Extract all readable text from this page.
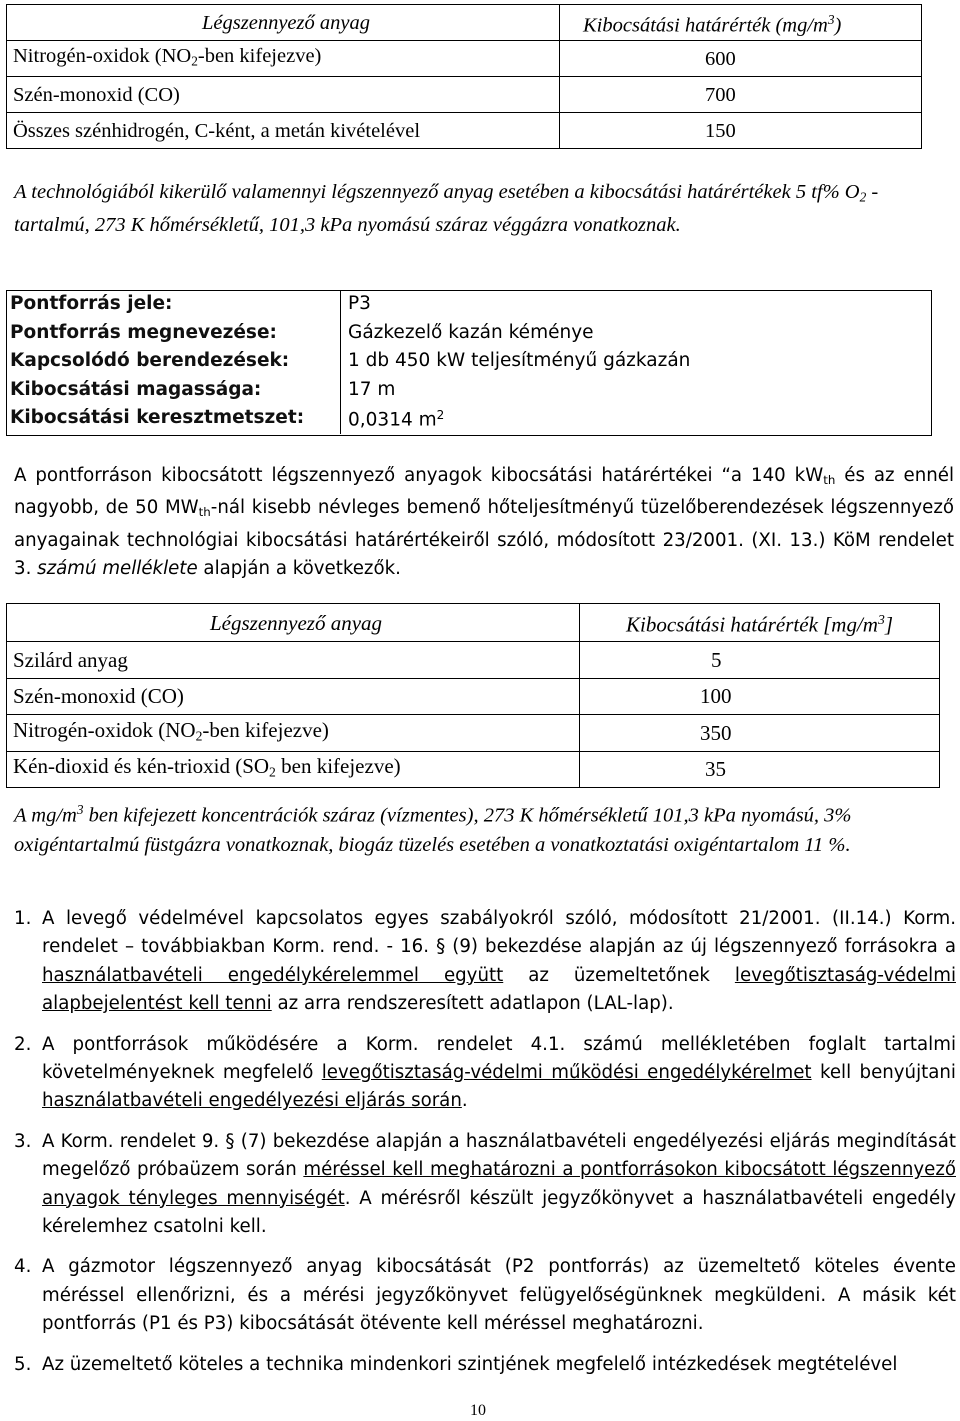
Légszennyező anyag	Kibocsátási határérték $(mg/m^3)$
Nitrogén-oxidok ($NO_2$-ben kifejezve)	600
Szén-monoxid (CO)	700
Összes szénhidrogén, C-ként, a metán kivételével	150
A technológiából kikerülő valamennyi légszennyező anyag esetében a kibocsátási határértékek 5 tf% $O_2$ -tartalmú, 273 K hőmérsékletű, 101,3 kPa nyomású száraz véggázra vonatkoznak.
Pontforrás jele:	P3
Pontforrás megnevezése:	Gázkezelő kazán kéménye
Kapcsolódó berendezések:	1 db 450 kW teljesítményű gázkazán
Kibocsátási magassága:	17 m
Kibocsátási keresztmetszet:	0,0314 $m^2$
A pontforráson kibocsátott légszennyező anyagok kibocsátási határértékei “a 140 $kW_{th}$ és az ennél nagyobb, de 50 $MW_{th}$-nál kisebb névleges bemenő hőteljesítményű tüzelőberendezések légszennyező anyagainak technológiai kibocsátási határértékeiről szóló, módosított 23/2001. (XI. 13.) KöM rendelet 3. számú melléklete alapján a következők.
Légszennyező anyag	Kibocsátási határérték $[mg/m^3]$
Szilárd anyag	5
Szén-monoxid (CO)	100
Nitrogén-oxidok ($NO_2$-ben kifejezve)	350
Kén-dioxid és kén-trioxid ($SO_2$ ben kifejezve)	35
A $mg/m^3$ ben kifejezett koncentrációk száraz (vízmentes), 273 K hőmérsékletű 101,3 kPa nyomású, 3% oxigéntartalmú füstgázra vonatkoznak, biogáz tüzelés esetében a vonatkoztatási oxigéntartalom 11 %.
1. A levegő védelmével kapcsolatos egyes szabályokról szóló, módosított 21/2001. (II.14.) Korm. rendelet – továbbiakban Korm. rend. - 16. § (9) bekezdése alapján az új légszennyező forrásokra a használatbavételi engedélykérelemmel együtt az üzemeltetőnek levegőtisztaság-védelmi alapbejelentést kell tenni az arra rendszeresített adatlapon (LAL-lap).
2. A pontforrások működésére a Korm. rendelet 4.1. számú mellékletében foglalt tartalmi követelményeknek megfelelő levegőtisztaság-védelmi működési engedélykérelmet kell benyújtani használatbavételi engedélyezési eljárás során.
3. A Korm. rendelet 9. § (7) bekezdése alapján a használatbavételi engedélyezési eljárás megindítását megelőző próbaüzem során méréssel kell meghatározni a pontforrásokon kibocsátott légszennyező anyagok tényleges mennyiségét. A mérésről készült jegyzőkönyvet a használatbavételi engedély kérelemhez csatolni kell.
4. A gázmotor légszennyező anyag kibocsátását (P2 pontforrás) az üzemeltető köteles évente méréssel ellenőrizni, és a mérési jegyzőkönyvet felügyelőségünknek megküldeni. A másik két pontforrás (P1 és P3) kibocsátását ötévente kell méréssel meghatározni.
5. Az üzemeltető köteles a technika mindenkori szintjének megfelelő intézkedések megtételével
10
